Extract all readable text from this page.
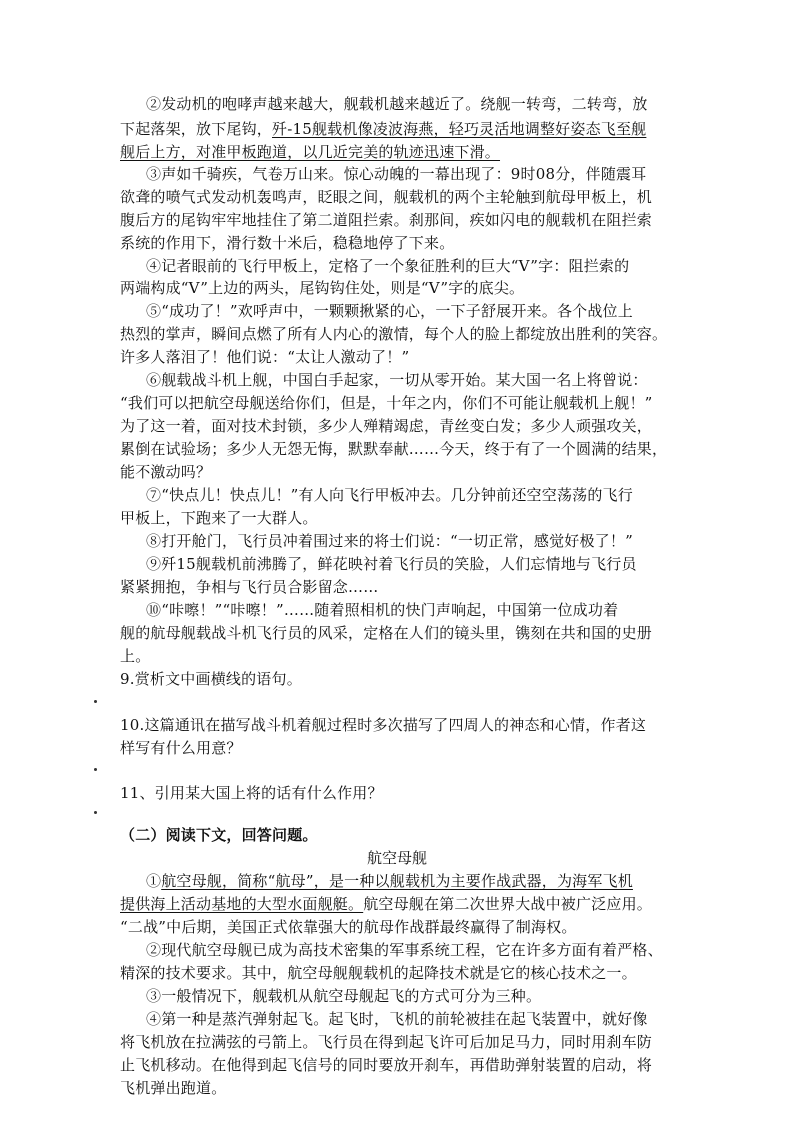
②发动机的咆哮声越来越大，舰载机越来越近了。绕舰一转弯，二转弯，放
下起落架，放下尾钩，歼-15舰载机像凌波海燕，轻巧灵活地调整好姿态飞至舰
舰后上方，对准甲板跑道，以几近完美的轨迹迅速下滑。
③声如千骑疾，气卷万山来。惊心动魄的一幕出现了：9时08分，伴随震耳
欲聋的喷气式发动机轰鸣声，眨眼之间，舰载机的两个主轮触到航母甲板上，机
腹后方的尾钩牢牢地挂住了第二道阻拦索。刹那间，疾如闪电的舰载机在阻拦索
系统的作用下，滑行数十米后，稳稳地停了下来。
④记者眼前的飞行甲板上，定格了一个象征胜利的巨大“V”字：阻拦索的
两端构成“V”上边的两头，尾钩钩住处，则是“V”字的底尖。
⑤“成功了！”欢呼声中，一颗颗揪紧的心，一下子舒展开来。各个战位上
热烈的掌声，瞬间点燃了所有人内心的激情，每个人的脸上都绽放出胜利的笑容。
许多人落泪了！他们说：“太让人激动了！”
⑥舰载战斗机上舰，中国白手起家，一切从零开始。某大国一名上将曾说：
“我们可以把航空母舰送给你们，但是，十年之内，你们不可能让舰载机上舰！”
为了这一着，面对技术封锁，多少人殚精竭虑，青丝变白发；多少人顽强攻关，
累倒在试验场；多少人无怨无悔，默默奉献……今天，终于有了一个圆满的结果，
能不激动吗？
⑦“快点儿！快点儿！”有人向飞行甲板冲去。几分钟前还空空荡荡的飞行
甲板上，下跑来了一大群人。
⑧打开舱门，飞行员冲着围过来的将士们说：“一切正常，感觉好极了！”
⑨歼15舰载机前沸腾了，鲜花映衬着飞行员的笑脸，人们忘情地与飞行员
紧紧拥抱，争相与飞行员合影留念……
⑩“咔嚓！”“咔嚓！”……随着照相机的快门声响起，中国第一位成功着
舰的航母舰载战斗机飞行员的风采，定格在人们的镜头里，镌刻在共和国的史册
上。
9.赏析文中画横线的语句。
10.这篇通讯在描写战斗机着舰过程时多次描写了四周人的神态和心情，作者这
样写有什么用意？
11、引用某大国上将的话有什么作用？
（二）阅读下文，回答问题。
航空母舰
①航空母舰，简称“航母”，是一种以舰载机为主要作战武器，为海军飞机
提供海上活动基地的大型水面舰艇。航空母舰在第二次世界大战中被广泛应用。
“二战”中后期，美国正式依靠强大的航母作战群最终赢得了制海权。
②现代航空母舰已成为高技术密集的军事系统工程，它在许多方面有着严格、
精深的技术要求。其中，航空母舰舰载机的起降技术就是它的核心技术之一。
③一般情况下，舰载机从航空母舰起飞的方式可分为三种。
④第一种是蒸汽弹射起飞。起飞时，飞机的前轮被挂在起飞装置中，就好像
将飞机放在拉满弦的弓箭上。飞行员在得到起飞许可后加足马力，同时用刹车防
止飞机移动。在他得到起飞信号的同时要放开刹车，再借助弹射装置的启动，将
飞机弹出跑道。
